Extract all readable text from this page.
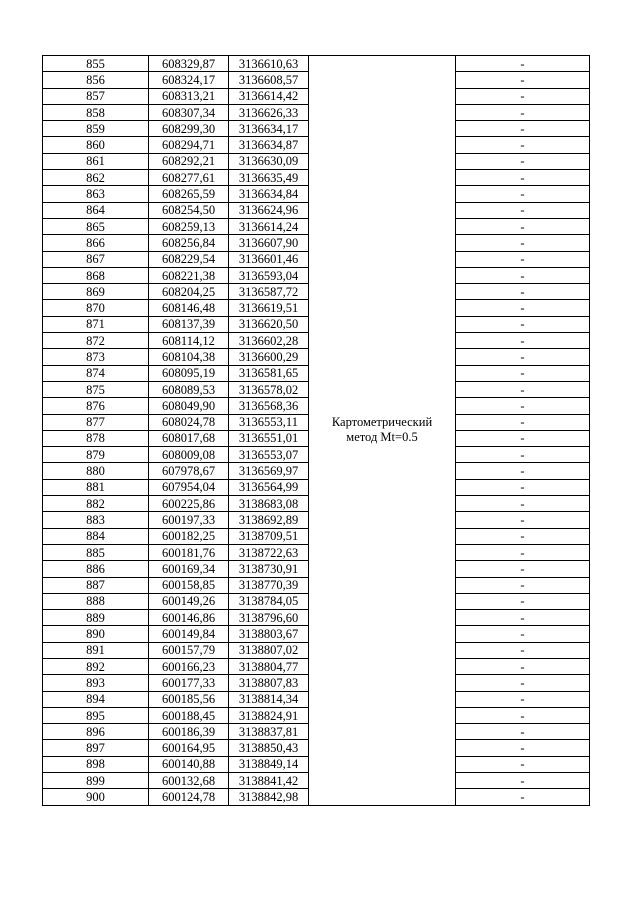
855	608329,87	3136610,63	Картометрический
метод Mt=0.5	-
856	608324,17	3136608,57		-
857	608313,21	3136614,42		-
858	608307,34	3136626,33		-
859	608299,30	3136634,17		-
860	608294,71	3136634,87		-
861	608292,21	3136630,09		-
862	608277,61	3136635,49		-
863	608265,59	3136634,84		-
864	608254,50	3136624,96		-
865	608259,13	3136614,24		-
866	608256,84	3136607,90		-
867	608229,54	3136601,46		-
868	608221,38	3136593,04		-
869	608204,25	3136587,72		-
870	608146,48	3136619,51		-
871	608137,39	3136620,50		-
872	608114,12	3136602,28		-
873	608104,38	3136600,29		-
874	608095,19	3136581,65		-
875	608089,53	3136578,02		-
876	608049,90	3136568,36		-
877	608024,78	3136553,11		-
878	608017,68	3136551,01		-
879	608009,08	3136553,07		-
880	607978,67	3136569,97		-
881	607954,04	3136564,99		-
882	600225,86	3138683,08		-
883	600197,33	3138692,89		-
884	600182,25	3138709,51		-
885	600181,76	3138722,63		-
886	600169,34	3138730,91		-
887	600158,85	3138770,39		-
888	600149,26	3138784,05		-
889	600146,86	3138796,60		-
890	600149,84	3138803,67		-
891	600157,79	3138807,02		-
892	600166,23	3138804,77		-
893	600177,33	3138807,83		-
894	600185,56	3138814,34		-
895	600188,45	3138824,91		-
896	600186,39	3138837,81		-
897	600164,95	3138850,43		-
898	600140,88	3138849,14		-
899	600132,68	3138841,42		-
900	600124,78	3138842,98		-
